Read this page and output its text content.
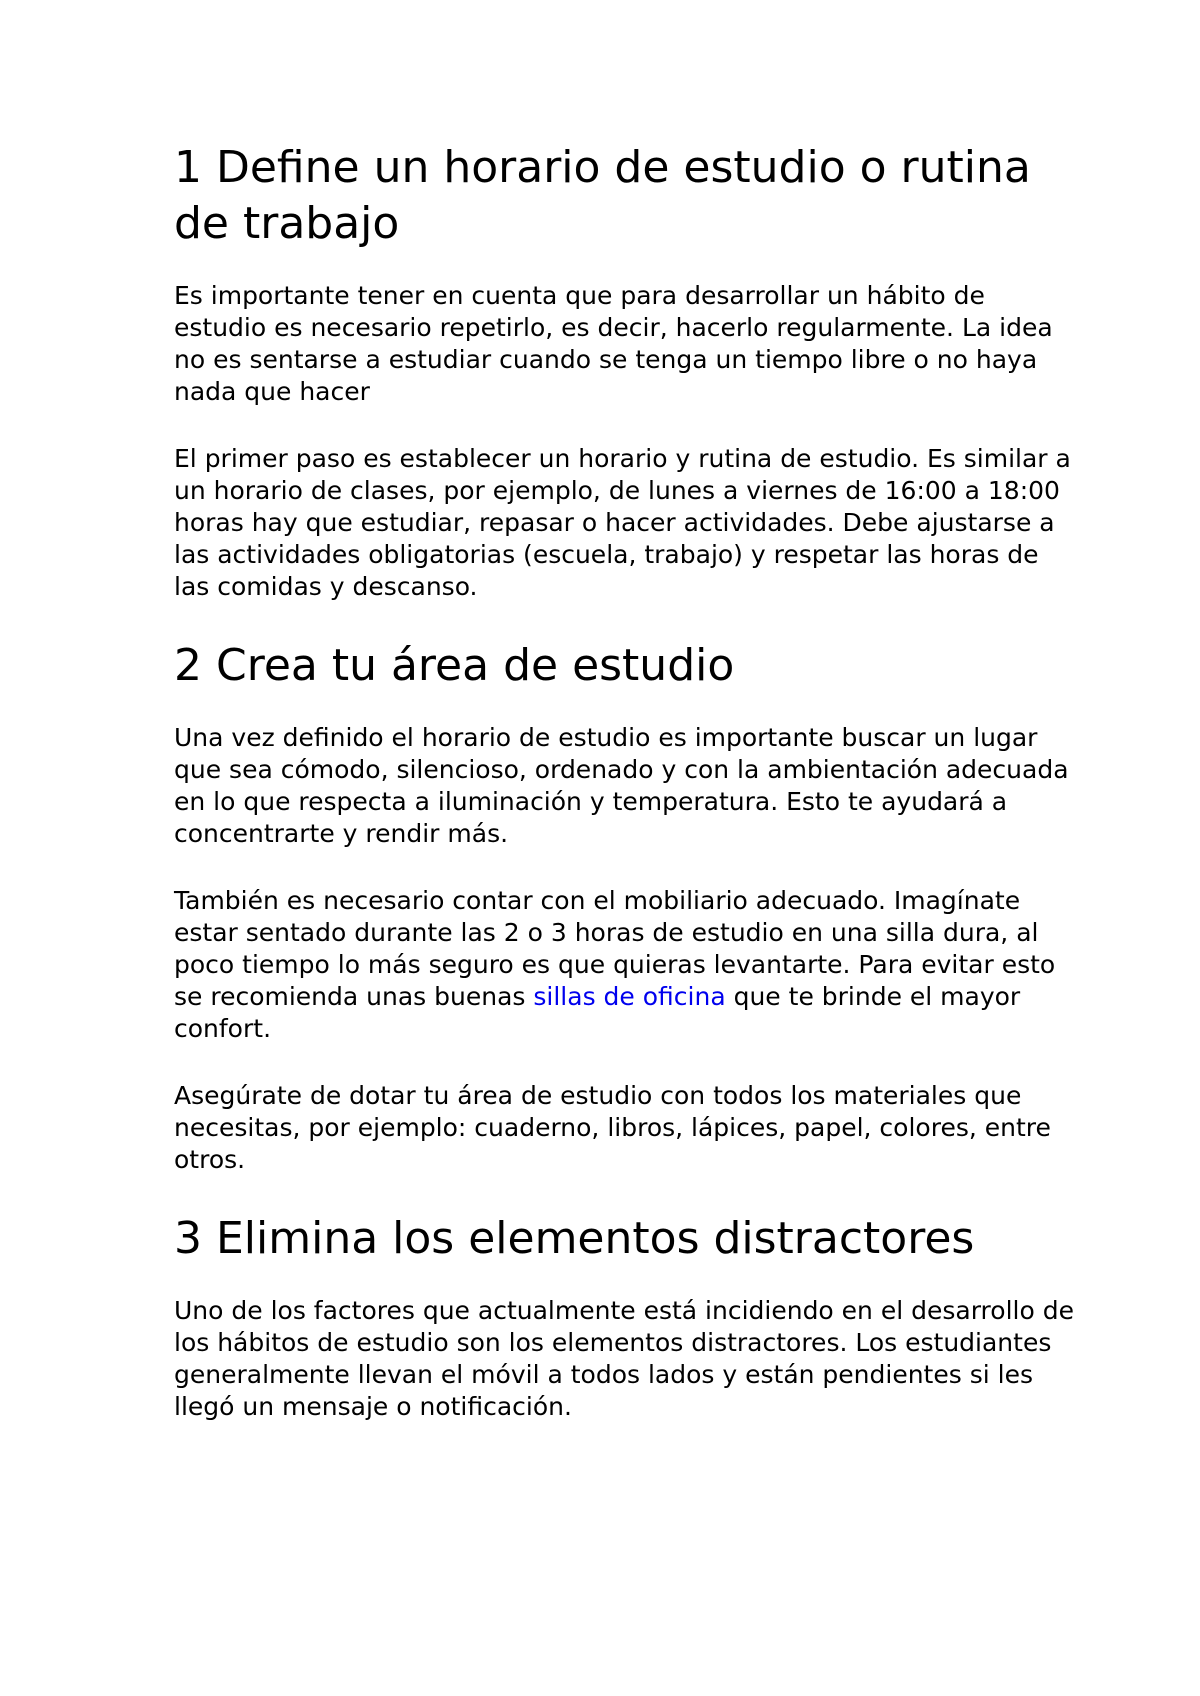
1 Define un horario de estudio o rutina de trabajo

Es importante tener en cuenta que para desarrollar un hábito de estudio es necesario repetirlo, es decir, hacerlo regularmente. La idea no es sentarse a estudiar cuando se tenga un tiempo libre o no haya nada que hacer

El primer paso es establecer un horario y rutina de estudio. Es similar a un horario de clases, por ejemplo, de lunes a viernes de 16:00 a 18:00 horas hay que estudiar, repasar o hacer actividades. Debe ajustarse a las actividades obligatorias (escuela, trabajo) y respetar las horas de las comidas y descanso.

2 Crea tu área de estudio

Una vez definido el horario de estudio es importante buscar un lugar que sea cómodo, silencioso, ordenado y con la ambientación adecuada en lo que respecta a iluminación y temperatura. Esto te ayudará a concentrarte y rendir más.

También es necesario contar con el mobiliario adecuado. Imagínate estar sentado durante las 2 o 3 horas de estudio en una silla dura, al poco tiempo lo más seguro es que quieras levantarte. Para evitar esto se recomienda unas buenas sillas de oficina que te brinde el mayor confort.

Asegúrate de dotar tu área de estudio con todos los materiales que necesitas, por ejemplo: cuaderno, libros, lápices, papel, colores, entre otros.

3 Elimina los elementos distractores

Uno de los factores que actualmente está incidiendo en el desarrollo de los hábitos de estudio son los elementos distractores. Los estudiantes generalmente llevan el móvil a todos lados y están pendientes si les llegó un mensaje o notificación.
